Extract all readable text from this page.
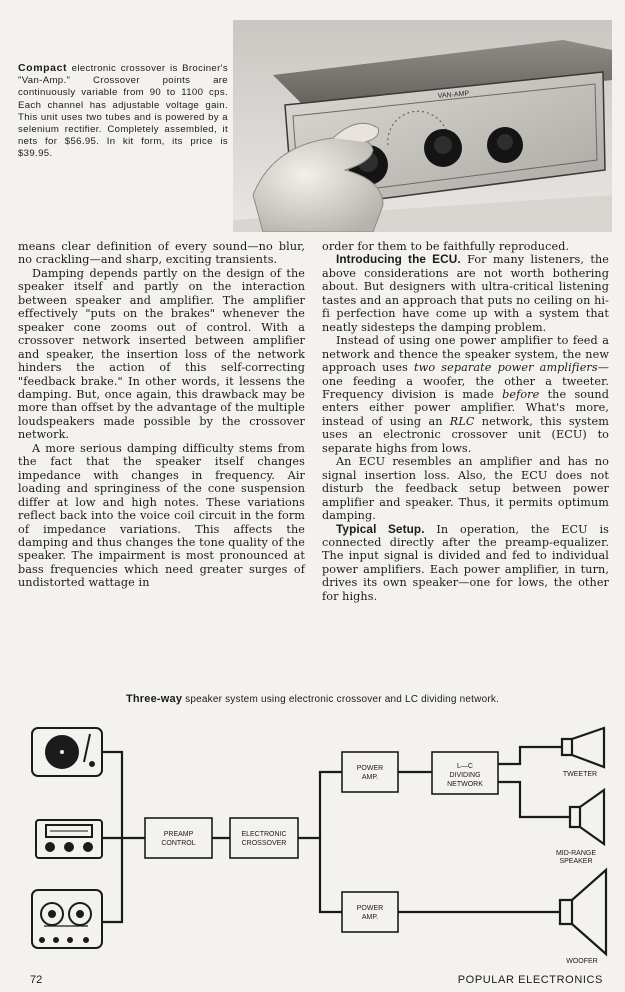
Compact electronic crossover is Brociner's "Van-Amp." Crossover points are continuously variable from 90 to 1100 cps. Each channel has adjustable voltage gain. This unit uses two tubes and is powered by a selenium rectifier. Completely assembled, it nets for $56.95. In kit form, its price is $39.95.
VAN-AMP

means clear definition of every sound—no blur, no crackling—and sharp, exciting transients.

Damping depends partly on the design of the speaker itself and partly on the interaction between speaker and amplifier. The amplifier effectively "puts on the brakes" whenever the speaker cone zooms out of control. With a crossover network inserted between amplifier and speaker, the insertion loss of the network hinders the action of this self-correcting "feedback brake." In other words, it lessens the damping. But, once again, this drawback may be more than offset by the advantage of the multiple loudspeakers made possible by the crossover network.

A more serious damping difficulty stems from the fact that the speaker itself changes impedance with changes in frequency. Air loading and springiness of the cone suspension differ at low and high notes. These variations reflect back into the voice coil circuit in the form of impedance variations. This affects the damping and thus changes the tone quality of the speaker. The impairment is most pronounced at bass frequencies which need greater surges of undistorted wattage in

order for them to be faithfully reproduced.

Introducing the ECU. For many listeners, the above considerations are not worth bothering about. But designers with ultra-critical listening tastes and an approach that puts no ceiling on hi-fi perfection have come up with a system that neatly sidesteps the damping problem.

Instead of using one power amplifier to feed a network and thence the speaker system, the new approach uses two separate power amplifiers—one feeding a woofer, the other a tweeter. Frequency division is made before the sound enters either power amplifier. What's more, instead of using an RLC network, this system uses an electronic crossover unit (ECU) to separate highs from lows.

An ECU resembles an amplifier and has no signal insertion loss. Also, the ECU does not disturb the feedback setup between power amplifier and speaker. Thus, it permits optimum damping.

Typical Setup. In operation, the ECU is connected directly after the preamp-equalizer. The input signal is divided and fed to individual power amplifiers. Each power amplifier, in turn, drives its own speaker—one for lows, the other for highs.

Three-way speaker system using electronic crossover and LC dividing network.
PREAMP
CONTROL
ELECTRONIC
CROSSOVER
POWER
AMP.
POWER
AMP.
L—C
DIVIDING
NETWORK
TWEETER
MID-RANGE
SPEAKER
WOOFER
72	POPULAR ELECTRONICS
